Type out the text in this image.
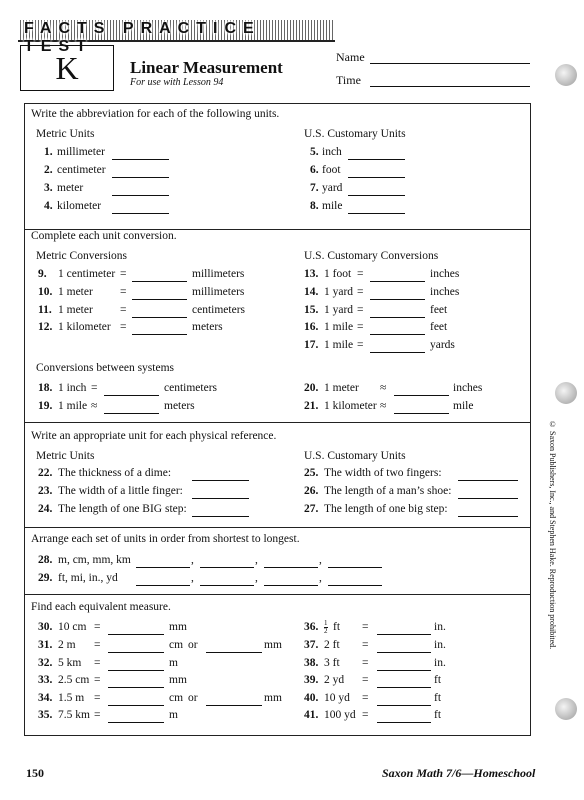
FACTS PRACTICE TEST
K	Linear Measurement
For use with Lesson 94
Name
Time
Write the abbreviation for each of the following units.
Metric Units	U.S. Customary Units
1. millimeter	5. inch
2. centimeter	6. foot
3. meter	7. yard
4. kilometer	8. mile
Complete each unit conversion.
Metric Conversions	U.S. Customary Conversions
9. 1 centimeter =	millimeters
10. 1 meter =	millimeters
11. 1 meter =	centimeters
12. 1 kilometer =	meters
13. 1 foot =	inches
14. 1 yard =	inches
15. 1 yard =	feet
16. 1 mile =	feet
17. 1 mile =	yards
Conversions between systems
18. 1 inch =	centimeters	20. 1 meter ≈	inches
19. 1 mile ≈	meters	21. 1 kilometer ≈	mile
Write an appropriate unit for each physical reference.
Metric Units	U.S. Customary Units
22. The thickness of a dime:	25. The width of two fingers:
23. The width of a little finger:	26. The length of a man’s shoe:
24. The length of one BIG step:	27. The length of one big step:
Arrange each set of units in order from shortest to longest.
28. m, cm, mm, km	,	,	,
29. ft, mi, in., yd	,	,	,
Find each equivalent measure.
30. 10 cm =	mm
31. 2 m =	cm or	mm
32. 5 km =	m
33. 2.5 cm =	mm
34. 1.5 m =	cm or	mm
35. 7.5 km =	m
36. $\frac{1}{2}$ ft =	in.
37. 2 ft =	in.
38. 3 ft =	in.
39. 2 yd =	ft
40. 10 yd =	ft
41. 100 yd =	ft
© Saxon Publishers, Inc., and Stephen Hake. Reproduction prohibited.
150	Saxon Math 7/6—Homeschool
